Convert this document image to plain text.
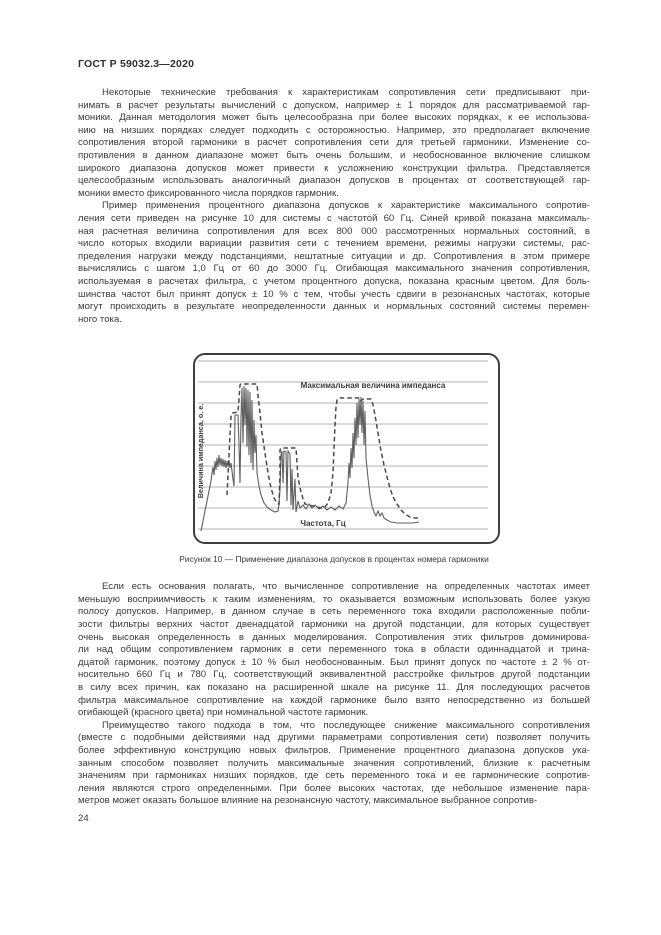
ГОСТ Р 59032.3—2020
Некоторые технические требования к характеристикам сопротивления сети предписывают при-
нимать в расчет результаты вычислений с допуском, например ± 1 порядок для рассматриваемой гар-
моники. Данная методология может быть целесообразна при более высоких порядках, к ее использова-
нию на низших порядках следует подходить с осторожностью. Например, это предполагает включение
сопротивления второй гармоники в расчет сопротивления сети для третьей гармоники. Изменение со-
противления в данном диапазоне может быть очень большим, и необоснованное включение слишком
широкого диапазона допусков может привести к усложнению конструкции фильтра. Представляется
целесообразным использовать аналогичный диапазон допусков в процентах от соответствующей гар-
моники вместо фиксированного числа порядков гармоник.
Пример применения процентного диапазона допусков к характеристике максимального сопротив-
ления сети приведен на рисунке 10 для системы с частотой 60 Гц. Синей кривой показана максималь-
ная расчетная величина сопротивления для всех 800 000 рассмотренных нормальных состояний, в
число которых входили вариации развития сети с течением времени, режимы нагрузки системы, рас-
пределения нагрузки между подстанциями, нештатные ситуации и др. Сопротивления в этом примере
вычислялись с шагом 1,0 Гц от 60 до 3000 Гц. Огибающая максимального значения сопротивления,
используемая в расчетах фильтра, с учетом процентного допуска, показана красным цветом. Для боль-
шинства частот был принят допуск ± 10 % с тем, чтобы учесть сдвиги в резонансных частотах, которые
могут происходить в результате неопределенности данных и нормальных состояний системы перемен-
ного тока.
Максимальная величина импеданса
Частота, Гц
Величина импеданса, о. е.
Рисунок 10 — Применение диапазона допусков в процентах номера гармоники
Если есть основания полагать, что вычисленное сопротивление на определенных частотах имеет
меньшую восприимчивость к таким изменениям, то оказывается возможным использовать более узкую
полосу допусков. Например, в данном случае в сеть переменного тока входили расположенные побли-
зости фильтры верхних частот двенадцатой гармоники на другой подстанции, для которых существует
очень высокая определенность в данных моделирования. Сопротивления этих фильтров доминирова-
ли над общим сопротивлением гармоник в сети переменного тока в области одиннадцатой и трина-
дцатой гармоник, поэтому допуск ± 10 % был необоснованным. Был принят допуск по частоте ± 2 % от-
носительно 660 Гц и 780 Гц, соответствующий эквивалентной расстройке фильтров другой подстанции
в силу всех причин, как показано на расширенной шкале на рисунке 11. Для последующих расчетов
фильтра максимальное сопротивление на каждой гармонике было взято непосредственно из большей
огибающей (красного цвета) при номинальной частоте гармоник.
Преимущество такого подхода в том, что последующее снижение максимального сопротивления
(вместе с подобными действиями над другими параметрами сопротивления сети) позволяет получить
более эффективную конструкцию новых фильтров. Применение процентного диапазона допусков ука-
занным способом позволяет получить максимальные значения сопротивлений, близкие к расчетным
значениям при гармониках низших порядков, где сеть переменного тока и ее гармонические сопротив-
ления являются строго определенными. При более высоких частотах, где небольшое изменение пара-
метров может оказать большое влияние на резонансную частоту, максимальное выбранное сопротив-
24
